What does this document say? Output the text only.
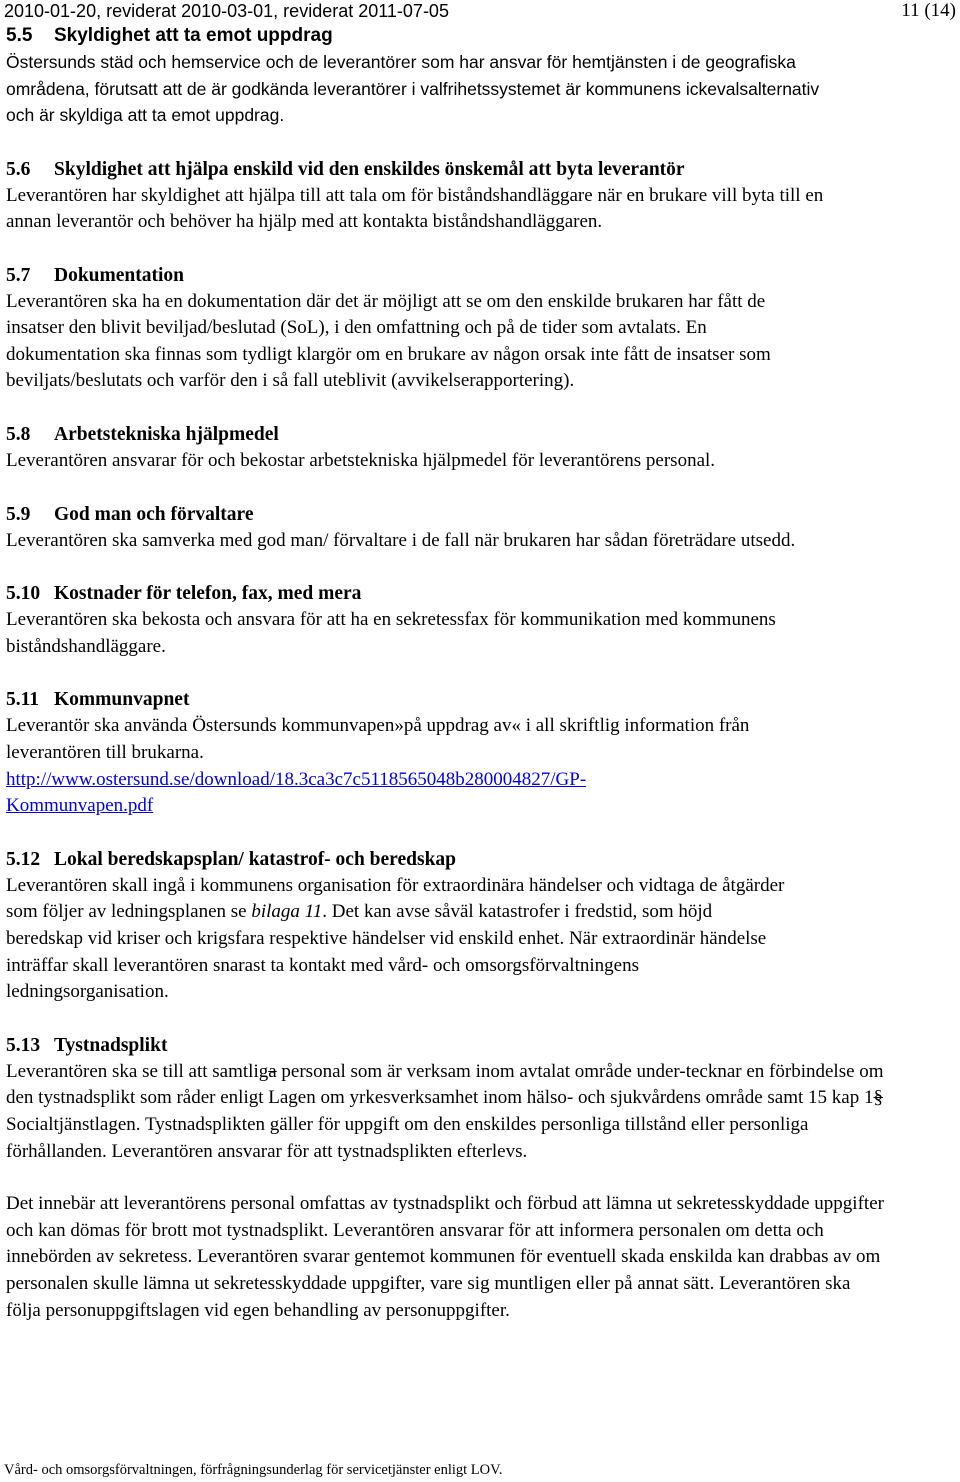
2010-01-20, reviderat 2010-03-01, reviderat 2011-07-05	11 (14)
5.5 Skyldighet att ta emot uppdrag

Östersunds städ och hemservice och de leverantörer som har ansvar för hemtjänsten i de geografiska områdena, förutsatt att de är godkända leverantörer i valfrihetssystemet är kommunens ickevalsalternativ och är skyldiga att ta emot uppdrag.

5.6 Skyldighet att hjälpa enskild vid den enskildes önskemål att byta leverantör

Leverantören har skyldighet att hjälpa till att tala om för biståndshandläggare när en brukare vill byta till en annan leverantör och behöver ha hjälp med att kontakta biståndshandläggaren.

5.7 Dokumentation

Leverantören ska ha en dokumentation där det är möjligt att se om den enskilde brukaren har fått de insatser den blivit beviljad/beslutad (SoL), i den omfattning och på de tider som avtalats. En dokumentation ska finnas som tydligt klargör om en brukare av någon orsak inte fått de insatser som beviljats/beslutats och varför den i så fall uteblivit (avvikelserapportering).

5.8 Arbetstekniska hjälpmedel

Leverantören ansvarar för och bekostar arbetstekniska hjälpmedel för leverantörens personal.

5.9 God man och förvaltare

Leverantören ska samverka med god man/ förvaltare i de fall när brukaren har sådan företrädare utsedd.

5.10 Kostnader för telefon, fax, med mera

Leverantören ska bekosta och ansvara för att ha en sekretessfax för kommunikation med kommunens biståndshandläggare.

5.11 Kommunvapnet

Leverantör ska använda Östersunds kommunvapen»på uppdrag av« i all skriftlig information från leverantören till brukarna.

http://www.ostersund.se/download/18.3ca3c7c5118565048b280004827/GP-
Kommunvapen.pdf

5.12 Lokal beredskapsplan/ katastrof- och beredskap

Leverantören skall ingå i kommunens organisation för extraordinära händelser och vidtaga de åtgärder som följer av ledningsplanen se bilaga 11. Det kan avse såväl katastrofer i fredstid, som höjd beredskap vid kriser och krigsfara respektive händelser vid enskild enhet. När extraordinär händelse inträffar skall leverantören snarast ta kontakt med vård- och omsorgsförvaltningens ledningsorganisation.

5.13 Tystnadsplikt

Leverantören ska se till att samtliga personal som är verksam inom avtalat område under-tecknar en förbindelse om den tystnadsplikt som råder enligt Lagen om yrkesverksamhet inom hälso- och sjukvårdens område samt 15 kap 1§ Socialtjänstlagen. Tystnadsplikten gäller för uppgift om den enskildes personliga tillstånd eller personliga förhållanden. Leverantören ansvarar för att tystnadsplikten efterlevs.

Det innebär att leverantörens personal omfattas av tystnadsplikt och förbud att lämna ut sekretesskyddade uppgifter och kan dömas för brott mot tystnadsplikt. Leverantören ansvarar för att informera personalen om detta och innebörden av sekretess. Leverantören svarar gentemot kommunen för eventuell skada enskilda kan drabbas av om personalen skulle lämna ut sekretesskyddade uppgifter, vare sig muntligen eller på annat sätt. Leverantören ska följa personuppgiftslagen vid egen behandling av personuppgifter.

Vård- och omsorgsförvaltningen, förfrågningsunderlag för servicetjänster enligt LOV.
